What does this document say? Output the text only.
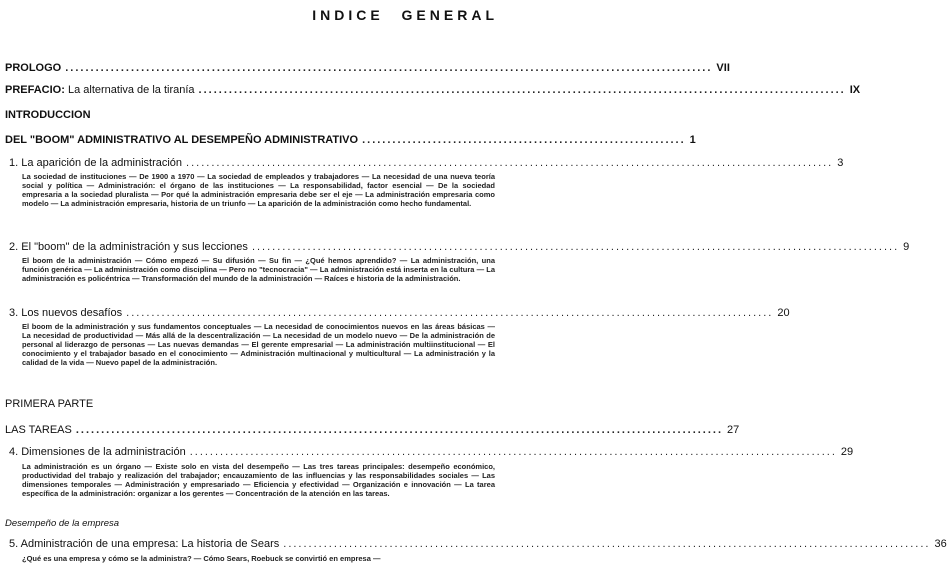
INDICE GENERAL
PROLOGO ................................................................................................................................ VII
PREFACIO: La alternativa de la tiranía ................................................................................................................................ IX
INTRODUCCION
DEL "BOOM" ADMINISTRATIVO AL DESEMPEÑO ADMINISTRATIVO ................................................................ 1
1. La aparición de la administración ................................................................................................................................ 3
La sociedad de instituciones — De 1900 a 1970 — La sociedad de empleados y trabajadores — La necesidad de una nueva teoría social y política — Administración: el órgano de las instituciones — La responsabilidad, factor esencial — De la sociedad empresaria a la sociedad pluralista — Por qué la administración empresaria debe ser el eje — La administración empresaria como modelo — La administración empresaria, historia de un triunfo — La aparición de la administración como hecho fundamental.
2. El "boom" de la administración y sus lecciones ................................................................................................................................ 9
El boom de la administración — Cómo empezó — Su difusión — Su fin — ¿Qué hemos aprendido? — La administración, una función genérica — La administración como disciplina — Pero no "tecnocracia" — La administración está inserta en la cultura — La administración es policéntrica — Transformación del mundo de la administración — Raíces e historia de la administración.
3. Los nuevos desafíos ................................................................................................................................ 20
El boom de la administración y sus fundamentos conceptuales — La necesidad de conocimientos nuevos en las áreas básicas — La necesidad de productividad — Más allá de la descentralización — La necesidad de un modelo nuevo — De la administración de personal al liderazgo de personas — Las nuevas demandas — El gerente empresarial — La administración multiinstitucional — El conocimiento y el trabajador basado en el conocimiento — Administración multinacional y multicultural — La administración y la calidad de la vida — Nuevo papel de la administración.
PRIMERA PARTE
LAS TAREAS ................................................................................................................................ 27
4. Dimensiones de la administración ................................................................................................................................ 29
La administración es un órgano — Existe solo en vista del desempeño — Las tres tareas principales: desempeño económico, productividad del trabajo y realización del trabajador; encauzamiento de las influencias y las responsabilidades sociales — Las dimensiones temporales — Administración y empresariado — Eficiencia y efectividad — Organización e innovación — La tarea específica de la administración: organizar a los gerentes — Concentración de la atención en las tareas.
Desempeño de la empresa
5. Administración de una empresa: La historia de Sears ................................................................................................................................ 36
¿Qué es una empresa y cómo se la administra? — Cómo Sears, Roebuck se convirtió en empresa —
